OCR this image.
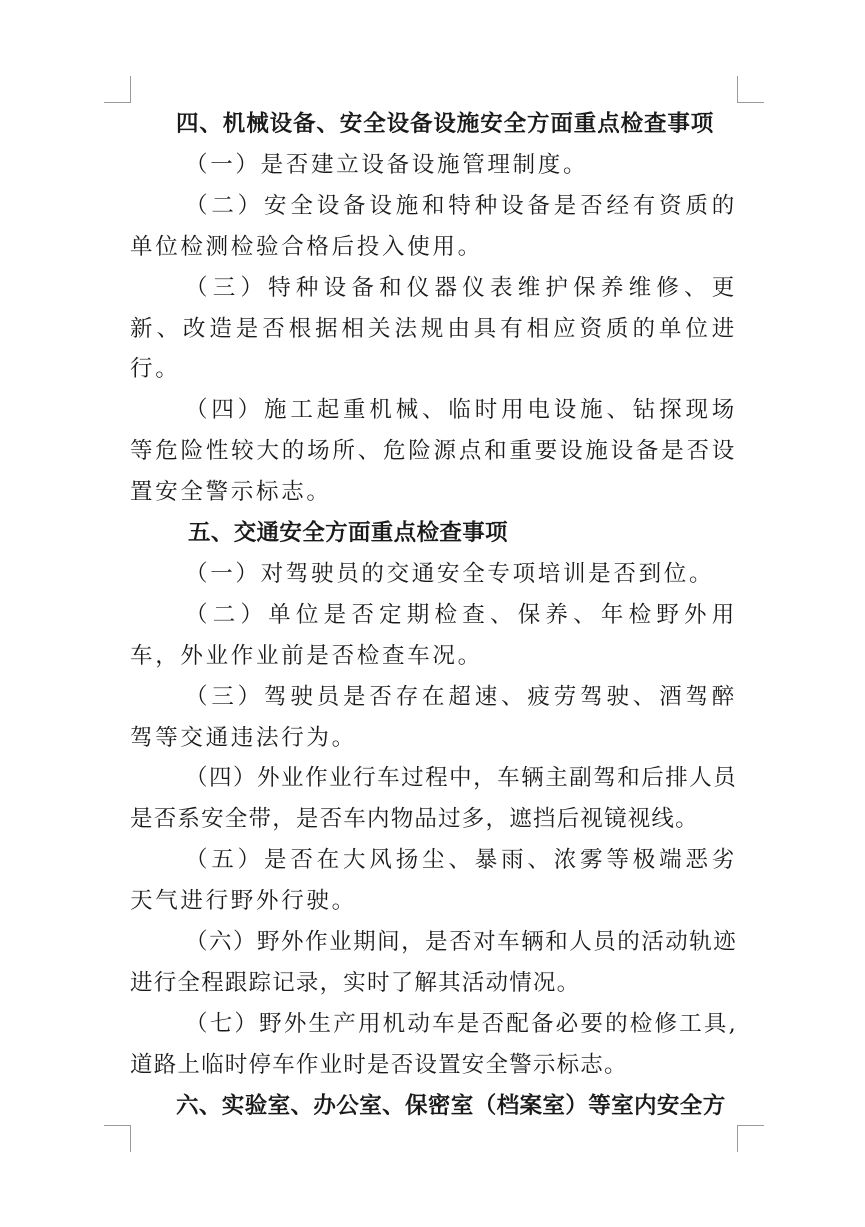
四、机械设备、安全设备设施安全方面重点检查事项
（一）是否建立设备设施管理制度。
（二）安全设备设施和特种设备是否经有资质的单位检测检验合格后投入使用。
（三）特种设备和仪器仪表维护保养维修、更新、改造是否根据相关法规由具有相应资质的单位进行。
（四）施工起重机械、临时用电设施、钻探现场等危险性较大的场所、危险源点和重要设施设备是否设置安全警示标志。
五、交通安全方面重点检查事项
（一）对驾驶员的交通安全专项培训是否到位。
（二）单位是否定期检查、保养、年检野外用车，外业作业前是否检查车况。
（三）驾驶员是否存在超速、疲劳驾驶、酒驾醉驾等交通违法行为。
（四）外业作业行车过程中，车辆主副驾和后排人员是否系安全带，是否车内物品过多，遮挡后视镜视线。
（五）是否在大风扬尘、暴雨、浓雾等极端恶劣天气进行野外行驶。
（六）野外作业期间，是否对车辆和人员的活动轨迹进行全程跟踪记录，实时了解其活动情况。
（七）野外生产用机动车是否配备必要的检修工具,道路上临时停车作业时是否设置安全警示标志。
六、实验室、办公室、保密室（档案室）等室内安全方
